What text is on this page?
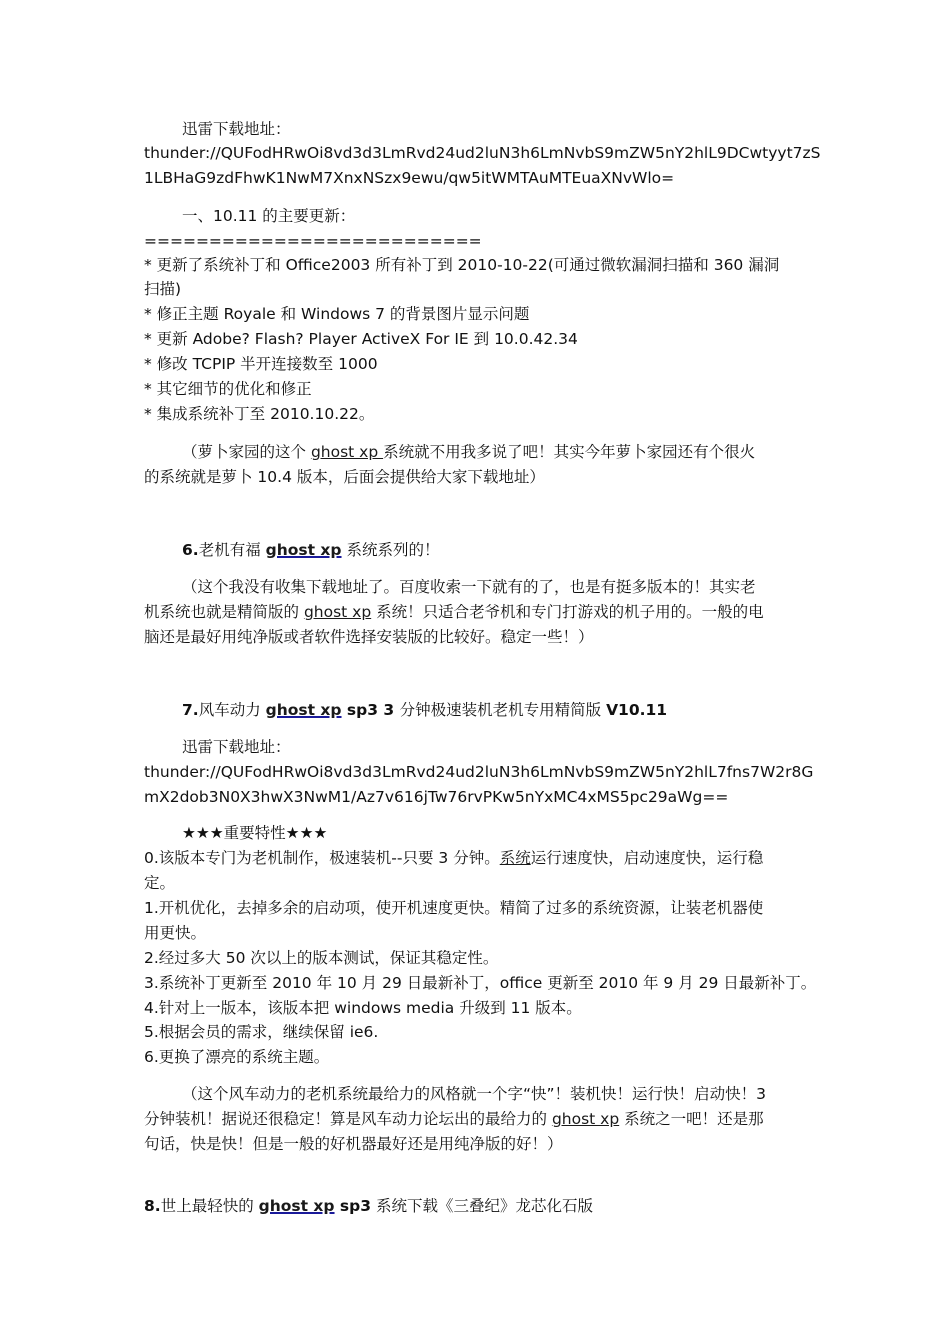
迅雷下载地址：
thunder://QUFodHRwOi8vd3d3LmRvd24ud2luN3h6LmNvbS9mZW5nY2hlL9DCwtyyt7zS
1LBHaG9zdFhwK1NwM7XnxNSzx9ewu/qw5itWMTAuMTEuaXNvWlo=
一、10.11 的主要更新：
==========================
* 更新了系统补丁和 Office2003 所有补丁到 2010-10-22(可通过微软漏洞扫描和 360 漏洞
扫描)
* 修正主题 Royale 和 Windows 7 的背景图片显示问题
* 更新 Adobe? Flash? Player ActiveX For IE 到 10.0.42.34
* 修改 TCPIP 半开连接数至 1000
* 其它细节的优化和修正
* 集成系统补丁至 2010.10.22。
（萝卜家园的这个 ghost xp 系统就不用我多说了吧！其实今年萝卜家园还有个很火
的系统就是萝卜 10.4 版本，后面会提供给大家下载地址）
6.老机有福 ghost xp 系统系列的！
（这个我没有收集下载地址了。百度收索一下就有的了，也是有挺多版本的！其实老
机系统也就是精简版的 ghost xp 系统！只适合老爷机和专门打游戏的机子用的。一般的电
脑还是最好用纯净版或者软件选择安装版的比较好。稳定一些！）
7.风车动力 ghost xp sp3 3 分钟极速装机老机专用精简版 V10.11
迅雷下载地址：
thunder://QUFodHRwOi8vd3d3LmRvd24ud2luN3h6LmNvbS9mZW5nY2hlL7fns7W2r8G
mX2dob3N0X3hwX3NwM1/Az7v616jTw76rvPKw5nYxMC4xMS5pc29aWg==
★★★重要特性★★★
0.该版本专门为老机制作，极速装机--只要 3 分钟。系统运行速度快，启动速度快，运行稳
定。
1.开机优化，去掉多余的启动项，使开机速度更快。精简了过多的系统资源，让装老机器使
用更快。
2.经过多大 50 次以上的版本测试，保证其稳定性。
3.系统补丁更新至 2010 年 10 月 29 日最新补丁，office 更新至 2010 年 9 月 29 日最新补丁。
4.针对上一版本，该版本把 windows media 升级到 11 版本。
5.根据会员的需求，继续保留 ie6.
6.更换了漂亮的系统主题。
（这个风车动力的老机系统最给力的风格就一个字“快”！装机快！运行快！启动快！3
分钟装机！据说还很稳定！算是风车动力论坛出的最给力的 ghost xp 系统之一吧！还是那
句话，快是快！但是一般的好机器最好还是用纯净版的好！）
8.世上最轻快的 ghost xp sp3 系统下载《三叠纪》龙芯化石版
